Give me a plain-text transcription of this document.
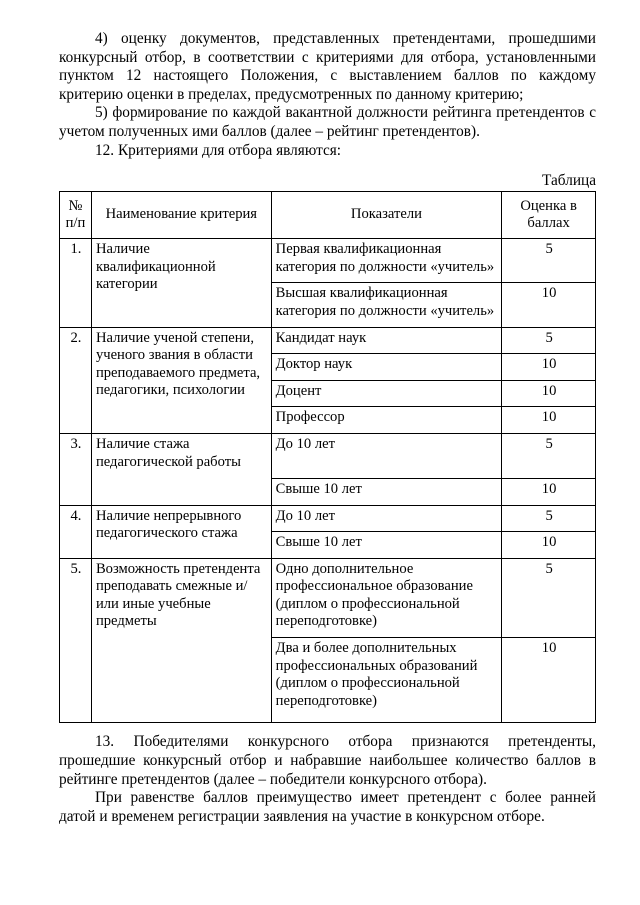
4) оценку документов, представленных претендентами, прошедшими конкурсный отбор, в соответствии с критериями для отбора, установленными пунктом 12 настоящего Положения, с выставлением баллов по каждому критерию оценки в пределах, предусмотренных по данному критерию;

5) формирование по каждой вакантной должности рейтинга претендентов с учетом полученных ими баллов (далее – рейтинг претендентов).

12. Критериями для отбора являются:

Таблица
№ п/п	Наименование критерия	Показатели	Оценка в баллах
1.	Наличие квалификационной категории	Первая квалификационная категория по должности «учитель»	5
		Высшая квалификационная категория по должности «учитель»	10
2.	Наличие ученой степени, ученого звания в области преподаваемого предмета, педагогики, психологии	Кандидат наук	5
		Доктор наук	10
		Доцент	10
		Профессор	10
3.	Наличие стажа педагогической работы	До 10 лет	5
		Свыше 10 лет	10
4.	Наличие непрерывного педагогического стажа	До 10 лет	5
		Свыше 10 лет	10
5.	Возможность претендента преподавать смежные и/или иные учебные предметы	Одно дополнительное профессиональное образование (диплом о профессиональной переподготовке)	5
		Два и более дополнительных профессиональных образований (диплом о профессиональной переподготовке)	10

13. Победителями конкурсного отбора признаются претенденты, прошедшие конкурсный отбор и набравшие наибольшее количество баллов в рейтинге претендентов (далее – победители конкурсного отбора).

При равенстве баллов преимущество имеет претендент с более ранней датой и временем регистрации заявления на участие в конкурсном отборе.
